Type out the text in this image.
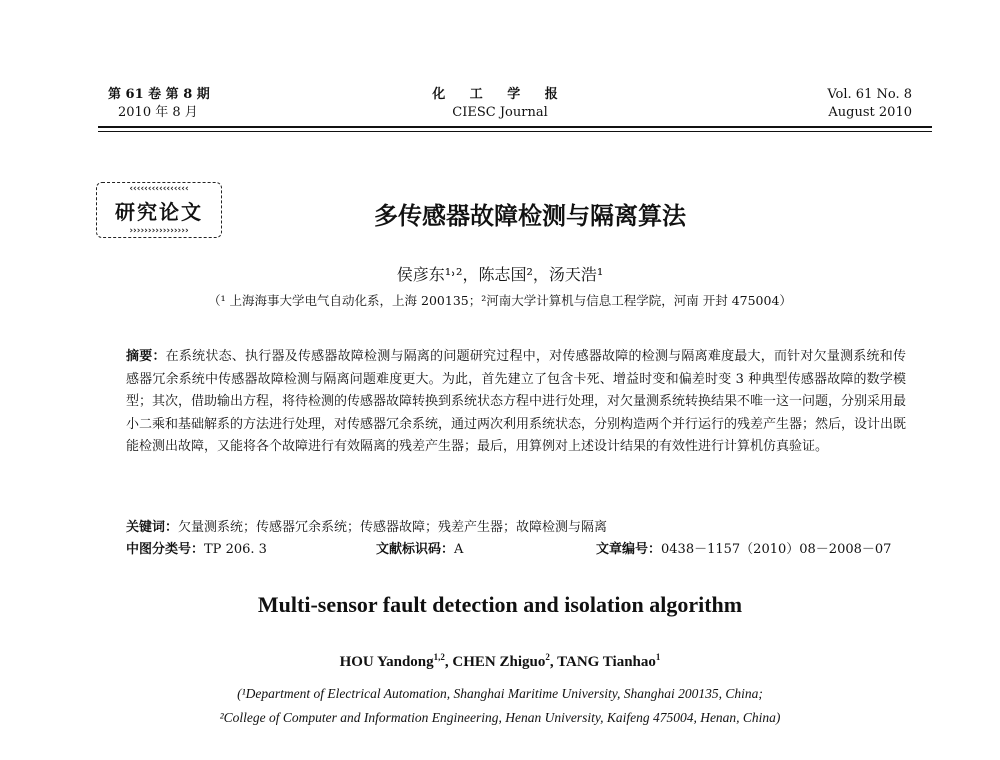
第 61 卷 第 8 期
2010 年 8 月
化 工 学 报
CIESC Journal
Vol. 61 No. 8
August 2010
‹‹‹‹‹‹‹‹‹‹‹‹‹‹‹‹
研究论文
››››››››››››››››
多传感器故障检测与隔离算法
侯彦东¹˒²，陈志国²，汤天浩¹
（¹ 上海海事大学电气自动化系，上海 200135；²河南大学计算机与信息工程学院，河南 开封 475004）
摘要：在系统状态、执行器及传感器故障检测与隔离的问题研究过程中，对传感器故障的检测与隔离难度最大，而针对欠量测系统和传感器冗余系统中传感器故障检测与隔离问题难度更大。为此，首先建立了包含卡死、增益时变和偏差时变 3 种典型传感器故障的数学模型；其次，借助输出方程，将待检测的传感器故障转换到系统状态方程中进行处理，对欠量测系统转换结果不唯一这一问题，分别采用最小二乘和基础解系的方法进行处理，对传感器冗余系统，通过两次利用系统状态，分别构造两个并行运行的残差产生器；然后，设计出既能检测出故障，又能将各个故障进行有效隔离的残差产生器；最后，用算例对上述设计结果的有效性进行计算机仿真验证。
关键词：欠量测系统；传感器冗余系统；传感器故障；残差产生器；故障检测与隔离
中图分类号：TP 206. 3	文献标识码：A	文章编号：0438－1157（2010）08－2008－07
Multi-sensor fault detection and isolation algorithm
HOU Yandong$^{1,2}$, CHEN Zhiguo$^2$, TANG Tianhao$^1$
(¹Department of Electrical Automation, Shanghai Maritime University, Shanghai 200135, China;
²College of Computer and Information Engineering, Henan University, Kaifeng 475004, Henan, China)
